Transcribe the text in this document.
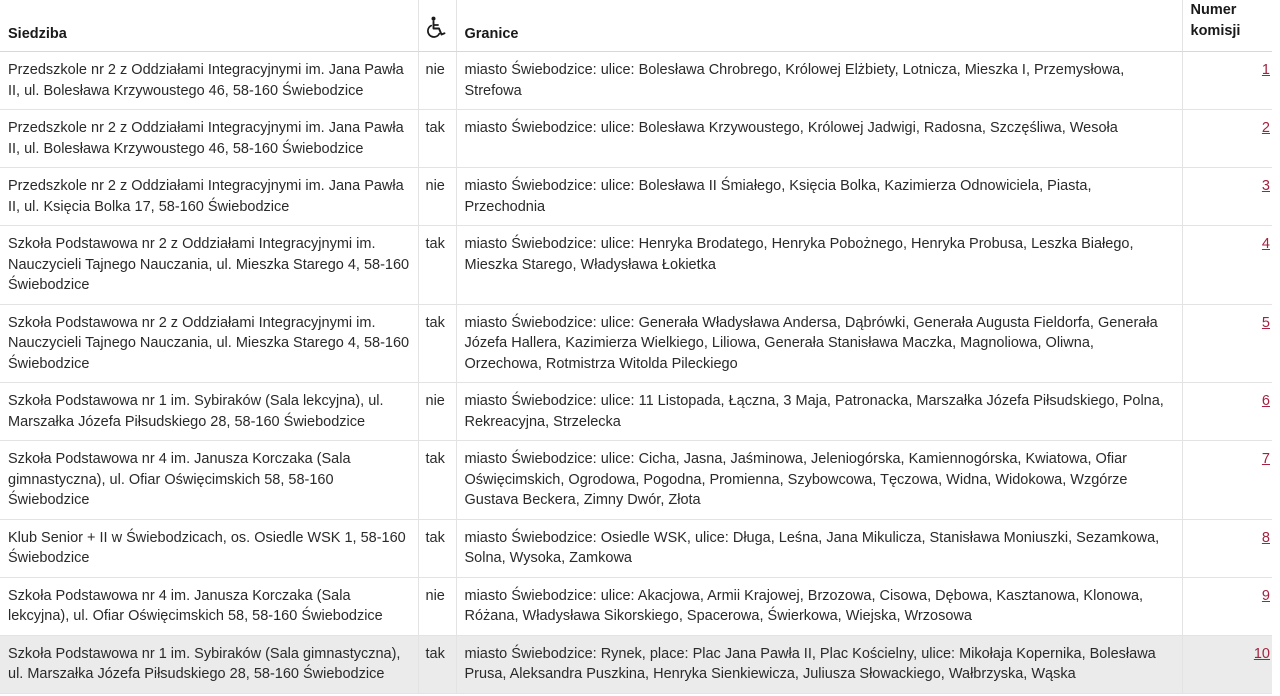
Siedziba		Granice	Numer
komisji
Przedszkole nr 2 z Oddziałami Integracyjnymi im. Jana Pawła II, ul. Bolesława Krzywoustego 46, 58-160 Świebodzice	nie	miasto Świebodzice: ulice: Bolesława Chrobrego, Królowej Elżbiety, Lotnicza, Mieszka I, Przemysłowa, Strefowa	1
Przedszkole nr 2 z Oddziałami Integracyjnymi im. Jana Pawła II, ul. Bolesława Krzywoustego 46, 58-160 Świebodzice	tak	miasto Świebodzice: ulice: Bolesława Krzywoustego, Królowej Jadwigi, Radosna, Szczęśliwa, Wesoła	2
Przedszkole nr 2 z Oddziałami Integracyjnymi im. Jana Pawła II, ul. Księcia Bolka 17, 58-160 Świebodzice	nie	miasto Świebodzice: ulice: Bolesława II Śmiałego, Księcia Bolka, Kazimierza Odnowiciela, Piasta, Przechodnia	3
Szkoła Podstawowa nr 2 z Oddziałami Integracyjnymi im. Nauczycieli Tajnego Nauczania, ul. Mieszka Starego 4, 58-160 Świebodzice	tak	miasto Świebodzice: ulice: Henryka Brodatego, Henryka Pobożnego, Henryka Probusa, Leszka Białego, Mieszka Starego, Władysława Łokietka	4
Szkoła Podstawowa nr 2 z Oddziałami Integracyjnymi im. Nauczycieli Tajnego Nauczania, ul. Mieszka Starego 4, 58-160 Świebodzice	tak	miasto Świebodzice: ulice: Generała Władysława Andersa, Dąbrówki, Generała Augusta Fieldorfa, Generała Józefa Hallera, Kazimierza Wielkiego, Liliowa, Generała Stanisława Maczka, Magnoliowa, Oliwna, Orzechowa, Rotmistrza Witolda Pileckiego	5
Szkoła Podstawowa nr 1 im. Sybiraków (Sala lekcyjna), ul. Marszałka Józefa Piłsudskiego 28, 58-160 Świebodzice	nie	miasto Świebodzice: ulice: 11 Listopada, Łączna, 3 Maja, Patronacka, Marszałka Józefa Piłsudskiego, Polna, Rekreacyjna, Strzelecka	6
Szkoła Podstawowa nr 4 im. Janusza Korczaka (Sala gimnastyczna), ul. Ofiar Oświęcimskich 58, 58-160 Świebodzice	tak	miasto Świebodzice: ulice: Cicha, Jasna, Jaśminowa, Jeleniogórska, Kamiennogórska, Kwiatowa, Ofiar Oświęcimskich, Ogrodowa, Pogodna, Promienna, Szybowcowa, Tęczowa, Widna, Widokowa, Wzgórze Gustava Beckera, Zimny Dwór, Złota	7
Klub Senior + II w Świebodzicach, os. Osiedle WSK 1, 58-160 Świebodzice	tak	miasto Świebodzice: Osiedle WSK, ulice: Długa, Leśna, Jana Mikulicza, Stanisława Moniuszki, Sezamkowa, Solna, Wysoka, Zamkowa	8
Szkoła Podstawowa nr 4 im. Janusza Korczaka (Sala lekcyjna), ul. Ofiar Oświęcimskich 58, 58-160 Świebodzice	nie	miasto Świebodzice: ulice: Akacjowa, Armii Krajowej, Brzozowa, Cisowa, Dębowa, Kasztanowa, Klonowa, Różana, Władysława Sikorskiego, Spacerowa, Świerkowa, Wiejska, Wrzosowa	9
Szkoła Podstawowa nr 1 im. Sybiraków (Sala gimnastyczna), ul. Marszałka Józefa Piłsudskiego 28, 58-160 Świebodzice	tak	miasto Świebodzice: Rynek, place: Plac Jana Pawła II, Plac Kościelny, ulice: Mikołaja Kopernika, Bolesława Prusa, Aleksandra Puszkina, Henryka Sienkiewicza, Juliusza Słowackiego, Wałbrzyska, Wąska	10
